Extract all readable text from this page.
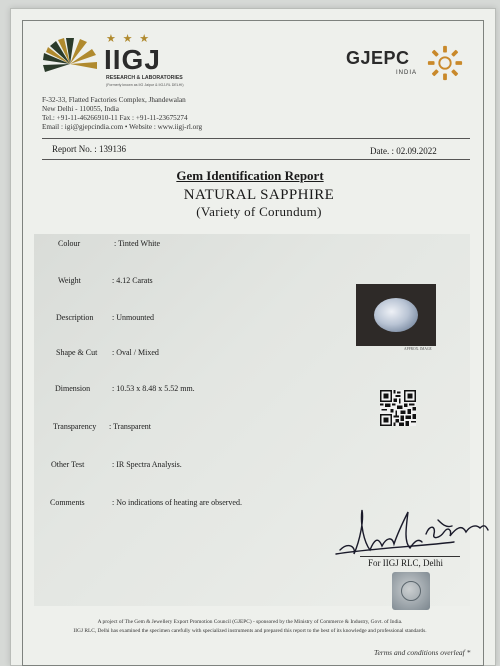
★ ★ ★
IIGJ
RESEARCH & LABORATORIES
(Formerly known as IIG Jaipur & IIGJ-RL DELHI)
GJEPC
INDIA
F-32-33, Flatted Factories Complex, Jhandewalan
New Delhi - 110055, India
Tel.: +91-11-46266910-11 Fax : +91-11-23675274
Email : igi@gjepcindia.com • Website : www.iigj-rl.org
Report No. : 139136	Date. : 02.09.2022
Gem Identification Report
NATURAL SAPPHIRE
(Variety of Corundum)
Colour	: Tinted White
Weight	: 4.12 Carats
Description : Unmounted
Shape & Cut : Oval / Mixed
Dimension	: 10.53 x 8.48 x 5.52 mm.
Transparency : Transparent
Other Test	: IR Spectra Analysis.
Comments	: No indications of heating are observed.
APPROX. IMAGE
For IIGJ RLC, Delhi
A project of The Gem & Jewellery Export Promotion Council (GJEPC) - sponsored by the Ministry of Commerce & Industry, Govt. of India.
IIGJ RLC, Delhi has examined the specimen carefully with specialized instruments and prepared this report to the best of its knowledge and professional standards.
Terms and conditions overleaf *
